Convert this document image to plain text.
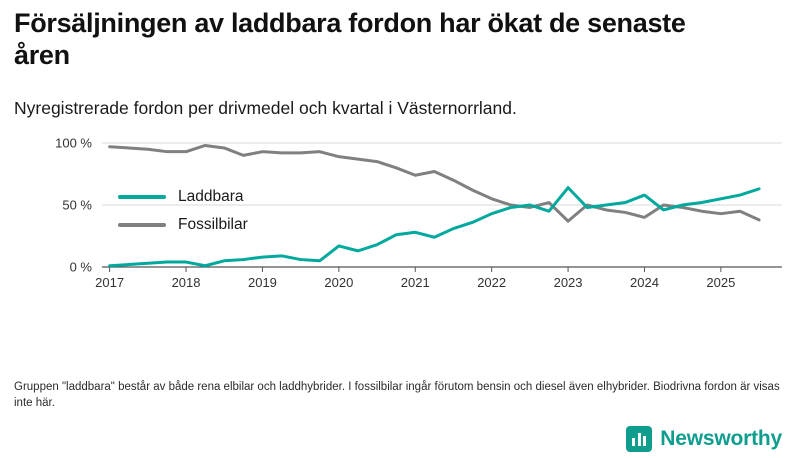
Försäljningen av laddbara fordon har ökat de senaste åren

Nyregistrerade fordon per drivmedel och kvartal i Västernorrland.

0 %
50 %
100 %
2017	2018	2019	2020	2021	2022	2023	2024	2025
Laddbara
Fossilbilar
Gruppen "laddbara" består av både rena elbilar och laddhybrider. I fossilbilar ingår förutom bensin och diesel även elhybrider. Biodrivna fordon är visas inte här.
Newsworthy
